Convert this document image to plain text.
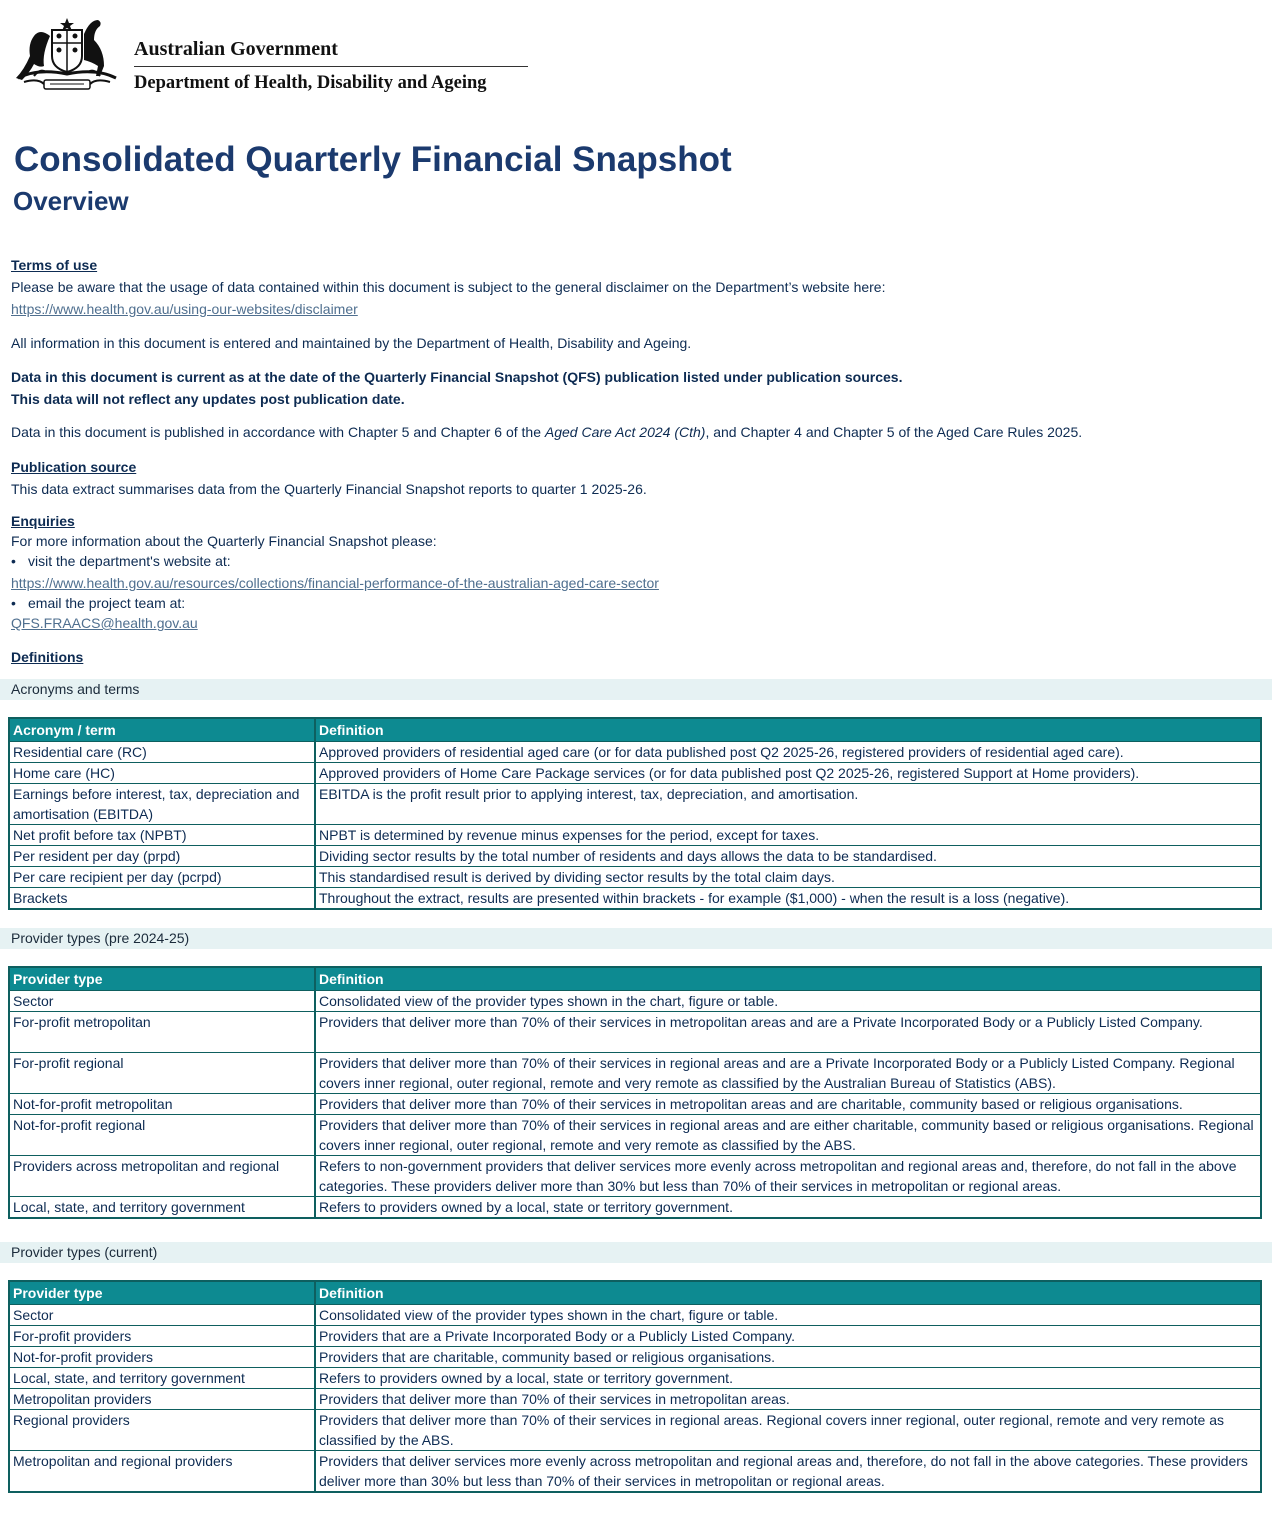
Australian Government
Department of Health, Disability and Ageing
Consolidated Quarterly Financial Snapshot
Overview
Terms of use
Please be aware that the usage of data contained within this document is subject to the general disclaimer on the Department’s website here:
https://www.health.gov.au/using-our-websites/disclaimer
All information in this document is entered and maintained by the Department of Health, Disability and Ageing.
Data in this document is current as at the date of the Quarterly Financial Snapshot (QFS) publication listed under publication sources.
This data will not reflect any updates post publication date.
Data in this document is published in accordance with Chapter 5 and Chapter 6 of the Aged Care Act 2024 (Cth), and Chapter 4 and Chapter 5 of the Aged Care Rules 2025.
Publication source
This data extract summarises data from the Quarterly Financial Snapshot reports to quarter 1 2025-26.
Enquiries
For more information about the Quarterly Financial Snapshot please:
• visit the department's website at:
https://www.health.gov.au/resources/collections/financial-performance-of-the-australian-aged-care-sector
• email the project team at:
QFS.FRAACS@health.gov.au
Definitions
Acronyms and terms
Acronym / term	Definition
Residential care (RC)	Approved providers of residential aged care (or for data published post Q2 2025-26, registered providers of residential aged care).
Home care (HC)	Approved providers of Home Care Package services (or for data published post Q2 2025-26, registered Support at Home providers).
Earnings before interest, tax, depreciation and amortisation (EBITDA)	EBITDA is the profit result prior to applying interest, tax, depreciation, and amortisation.
Net profit before tax (NPBT)	NPBT is determined by revenue minus expenses for the period, except for taxes.
Per resident per day (prpd)	Dividing sector results by the total number of residents and days allows the data to be standardised.
Per care recipient per day (pcrpd)	This standardised result is derived by dividing sector results by the total claim days.
Brackets	Throughout the extract, results are presented within brackets - for example ($1,000) - when the result is a loss (negative).
Provider types (pre 2024-25)
Provider type	Definition
Sector	Consolidated view of the provider types shown in the chart, figure or table.
For-profit metropolitan	Providers that deliver more than 70% of their services in metropolitan areas and are a Private Incorporated Body or a Publicly Listed Company.
For-profit regional	Providers that deliver more than 70% of their services in regional areas and are a Private Incorporated Body or a Publicly Listed Company. Regional covers inner regional, outer regional, remote and very remote as classified by the Australian Bureau of Statistics (ABS).
Not-for-profit metropolitan	Providers that deliver more than 70% of their services in metropolitan areas and are charitable, community based or religious organisations.
Not-for-profit regional	Providers that deliver more than 70% of their services in regional areas and are either charitable, community based or religious organisations. Regional covers inner regional, outer regional, remote and very remote as classified by the ABS.
Providers across metropolitan and regional	Refers to non-government providers that deliver services more evenly across metropolitan and regional areas and, therefore, do not fall in the above categories. These providers deliver more than 30% but less than 70% of their services in metropolitan or regional areas.
Local, state, and territory government	Refers to providers owned by a local, state or territory government.
Provider types (current)
Provider type	Definition
Sector	Consolidated view of the provider types shown in the chart, figure or table.
For-profit providers	Providers that are a Private Incorporated Body or a Publicly Listed Company.
Not-for-profit providers	Providers that are charitable, community based or religious organisations.
Local, state, and territory government	Refers to providers owned by a local, state or territory government.
Metropolitan providers	Providers that deliver more than 70% of their services in metropolitan areas.
Regional providers	Providers that deliver more than 70% of their services in regional areas. Regional covers inner regional, outer regional, remote and very remote as classified by the ABS.
Metropolitan and regional providers	Providers that deliver services more evenly across metropolitan and regional areas and, therefore, do not fall in the above categories. These providers deliver more than 30% but less than 70% of their services in metropolitan or regional areas.
